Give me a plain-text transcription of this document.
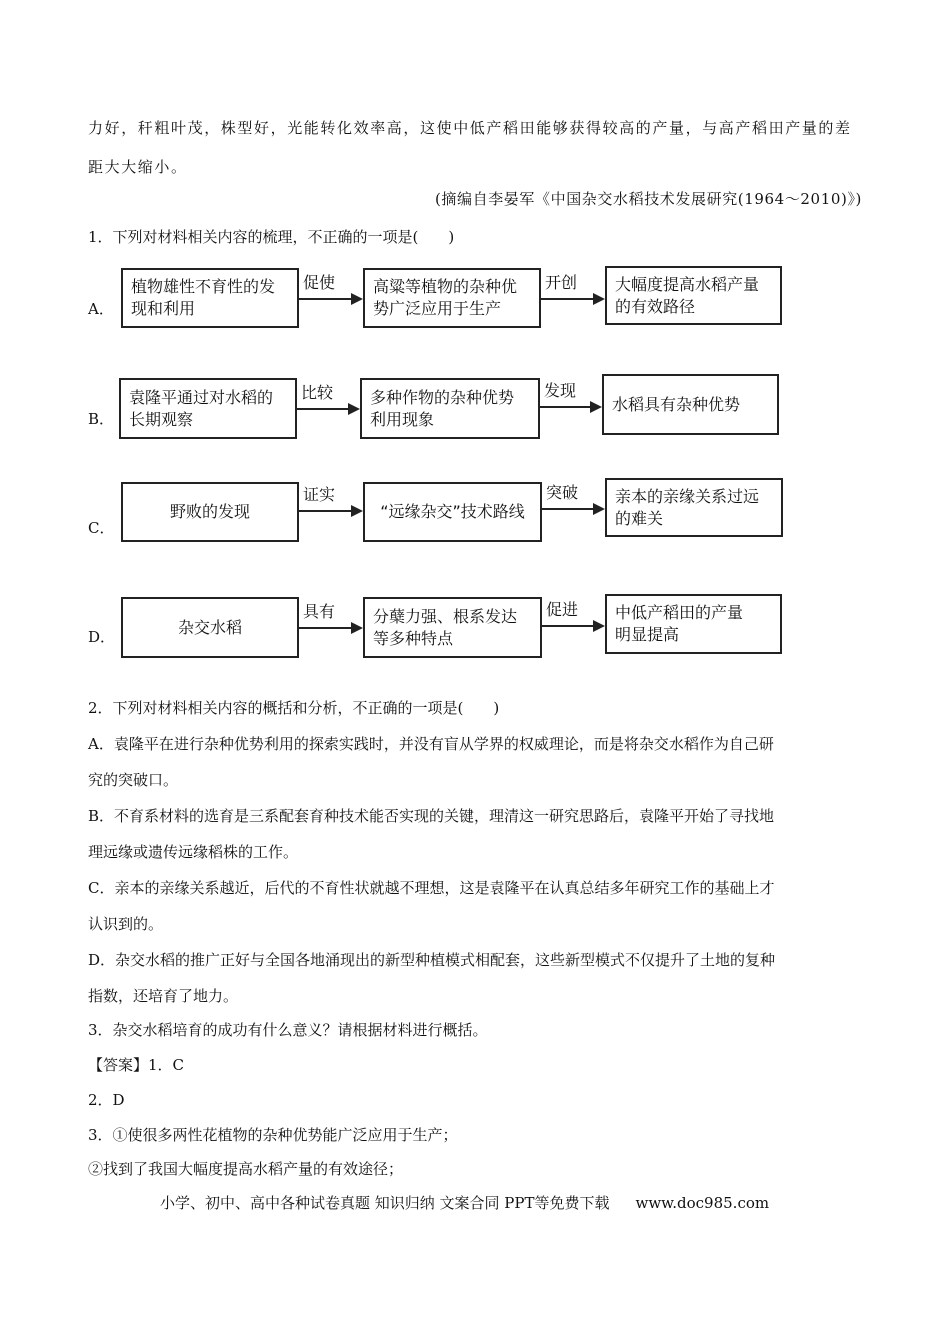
力好，秆粗叶茂，株型好，光能转化效率高，这使中低产稻田能够获得较高的产量，与高产稻田产量的差
距大大缩小。
(摘编自李晏军《中国杂交水稻技术发展研究(1964～2010)》)
1．下列对材料相关内容的梳理，不正确的一项是(　　)
A．
植物雄性不育性的发
现和利用
促使 高粱等植物的杂种优
势广泛应用于生产
开创 大幅度提高水稻产量
的有效路径
B．
袁隆平通过对水稻的
长期观察
比较 多种作物的杂种优势
利用现象
发现
水稻具有杂种优势
C．
野败的发现
证实
“远缘杂交”技术路线
突破 亲本的亲缘关系过远
的难关
D．
杂交水稻
具有 分蘖力强、根系发达
等多种特点
促进 中低产稻田的产量
明显提高
2．下列对材料相关内容的概括和分析，不正确的一项是(　　)
A．袁隆平在进行杂种优势利用的探索实践时，并没有盲从学界的权威理论，而是将杂交水稻作为自己研
究的突破口。
B．不育系材料的选育是三系配套育种技术能否实现的关键，理清这一研究思路后，袁隆平开始了寻找地
理远缘或遗传远缘稻株的工作。
C．亲本的亲缘关系越近，后代的不育性状就越不理想，这是袁隆平在认真总结多年研究工作的基础上才
认识到的。
D．杂交水稻的推广正好与全国各地涌现出的新型种植模式相配套，这些新型模式不仅提升了土地的复种
指数，还培育了地力。
3．杂交水稻培育的成功有什么意义？请根据材料进行概括。
【答案】1．C
2．D
3．①使很多两性花植物的杂种优势能广泛应用于生产；
②找到了我国大幅度提高水稻产量的有效途径；
小学、初中、高中各种试卷真题 知识归纳 文案合同 PPT等免费下载 www.doc985.com
